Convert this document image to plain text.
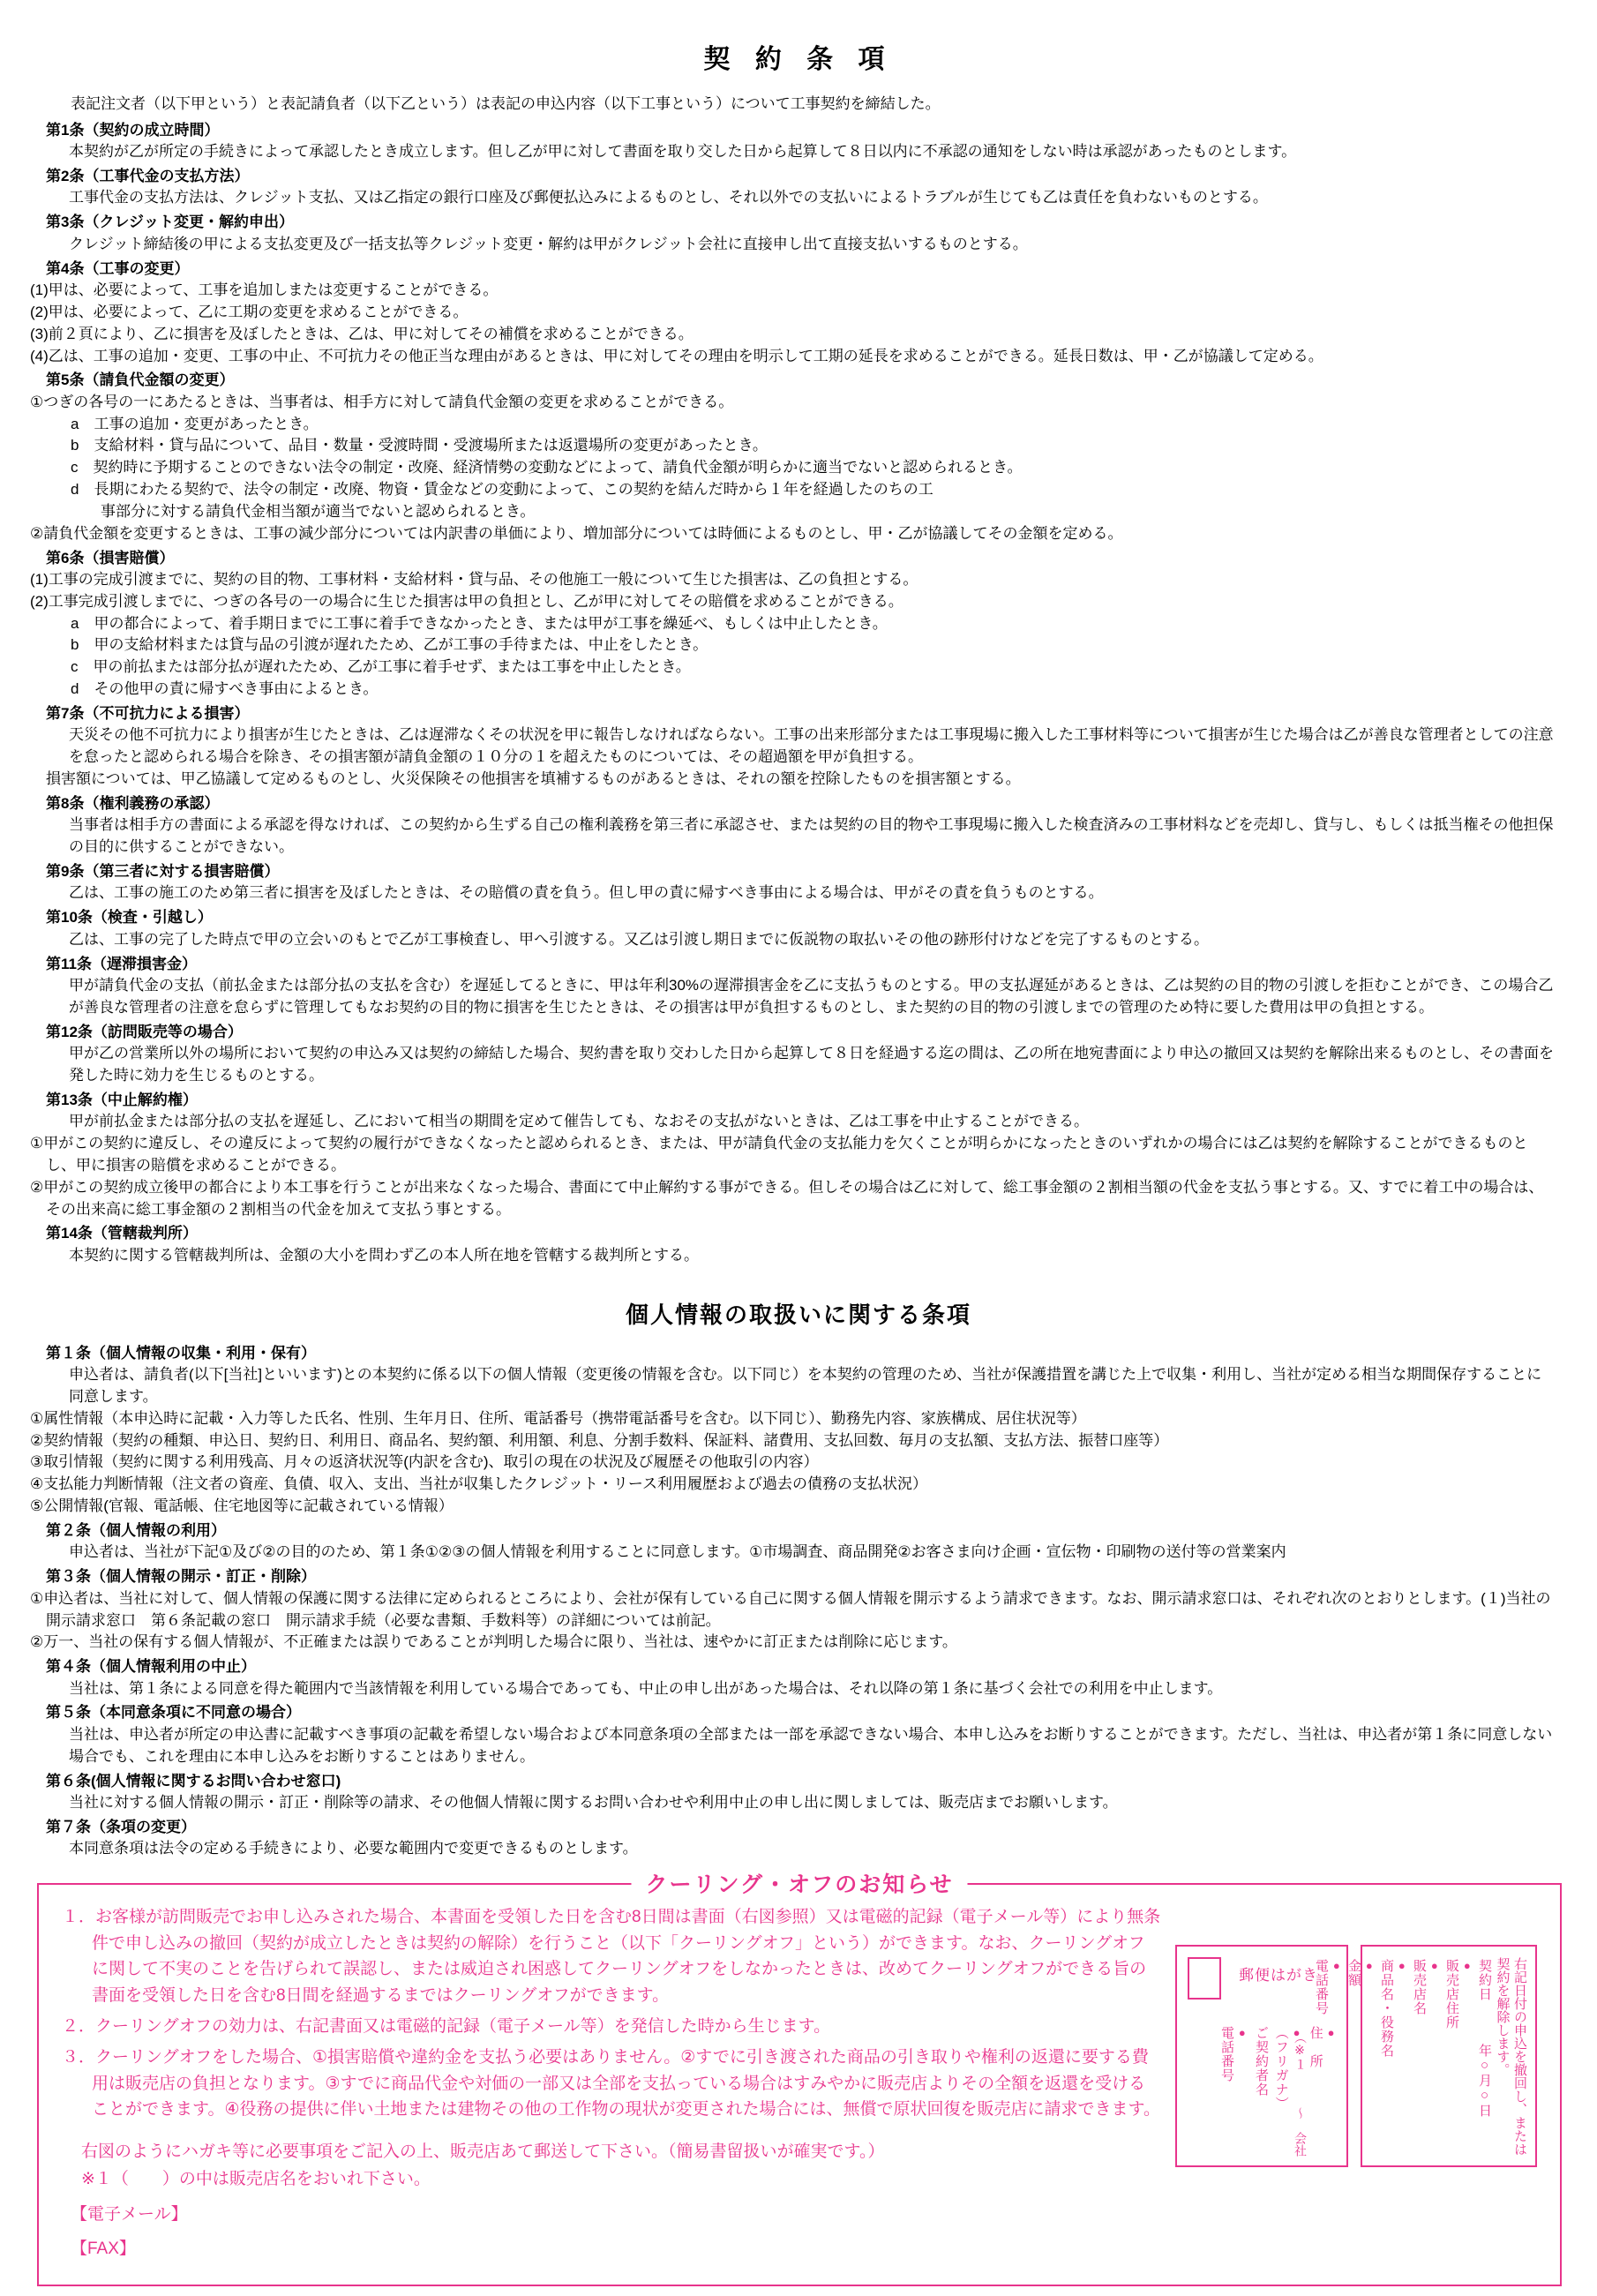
契 約 条 項

表記注文者（以下甲という）と表記請負者（以下乙という）は表記の申込内容（以下工事という）について工事契約を締結した。

第1条（契約の成立時間）
本契約が乙が所定の手続きによって承認したとき成立します。但し乙が甲に対して書面を取り交した日から起算して８日以内に不承認の通知をしない時は承認があったものとします。
第2条（工事代金の支払方法）
工事代金の支払方法は、クレジット支払、又は乙指定の銀行口座及び郵便払込みによるものとし、それ以外での支払いによるトラブルが生じても乙は責任を負わないものとする。
第3条（クレジット変更・解約申出）
クレジット締結後の甲による支払変更及び一括支払等クレジット変更・解約は甲がクレジット会社に直接申し出て直接支払いするものとする。
第4条（工事の変更）
(1)甲は、必要によって、工事を追加しまたは変更することができる。
(2)甲は、必要によって、乙に工期の変更を求めることができる。
(3)前２頁により、乙に損害を及ぼしたときは、乙は、甲に対してその補償を求めることができる。
(4)乙は、工事の追加・変更、工事の中止、不可抗力その他正当な理由があるときは、甲に対してその理由を明示して工期の延長を求めることができる。延長日数は、甲・乙が協議して定める。
第5条（請負代金額の変更）
①つぎの各号の一にあたるときは、当事者は、相手方に対して請負代金額の変更を求めることができる。
a　工事の追加・変更があったとき。
b　支給材料・貸与品について、品目・数量・受渡時間・受渡場所または返還場所の変更があったとき。
c　契約時に予期することのできない法令の制定・改廃、経済情勢の変動などによって、請負代金額が明らかに適当でないと認められるとき。
d　長期にわたる契約で、法令の制定・改廃、物資・賃金などの変動によって、この契約を結んだ時から１年を経過したのちの工
事部分に対する請負代金相当額が適当でないと認められるとき。
②請負代金額を変更するときは、工事の減少部分については内訳書の単価により、増加部分については時価によるものとし、甲・乙が協議してその金額を定める。
第6条（損害賠償）
(1)工事の完成引渡までに、契約の目的物、工事材料・支給材料・貸与品、その他施工一般について生じた損害は、乙の負担とする。
(2)工事完成引渡しまでに、つぎの各号の一の場合に生じた損害は甲の負担とし、乙が甲に対してその賠償を求めることができる。
a　甲の都合によって、着手期日までに工事に着手できなかったとき、または甲が工事を繰延べ、もしくは中止したとき。
b　甲の支給材料または貸与品の引渡が遅れたため、乙が工事の手待または、中止をしたとき。
c　甲の前払または部分払が遅れたため、乙が工事に着手せず、または工事を中止したとき。
d　その他甲の責に帰すべき事由によるとき。
第7条（不可抗力による損害）
天災その他不可抗力により損害が生じたときは、乙は遅滞なくその状況を甲に報告しなければならない。工事の出来形部分または工事現場に搬入した工事材料等について損害が生じた場合は乙が善良な管理者としての注意を怠ったと認められる場合を除き、その損害額が請負金額の１０分の１を超えたものについては、その超過額を甲が負担する。
損害額については、甲乙協議して定めるものとし、火災保険その他損害を填補するものがあるときは、それの額を控除したものを損害額とする。
第8条（権利義務の承認）
当事者は相手方の書面による承認を得なければ、この契約から生ずる自己の権利義務を第三者に承認させ、または契約の目的物や工事現場に搬入した検査済みの工事材料などを売却し、貸与し、もしくは抵当権その他担保の目的に供することができない。
第9条（第三者に対する損害賠償）
乙は、工事の施工のため第三者に損害を及ぼしたときは、その賠償の責を負う。但し甲の責に帰すべき事由による場合は、甲がその責を負うものとする。
第10条（検査・引越し）
乙は、工事の完了した時点で甲の立会いのもとで乙が工事検査し、甲へ引渡する。又乙は引渡し期日までに仮説物の取払いその他の跡形付けなどを完了するものとする。
第11条（遅滞損害金）
甲が請負代金の支払（前払金または部分払の支払を含む）を遅延してるときに、甲は年利30%の遅滞損害金を乙に支払うものとする。甲の支払遅延があるときは、乙は契約の目的物の引渡しを拒むことができ、この場合乙が善良な管理者の注意を怠らずに管理してもなお契約の目的物に損害を生じたときは、その損害は甲が負担するものとし、また契約の目的物の引渡しまでの管理のため特に要した費用は甲の負担とする。
第12条（訪問販売等の場合）
甲が乙の営業所以外の場所において契約の申込み又は契約の締結した場合、契約書を取り交わした日から起算して８日を経過する迄の間は、乙の所在地宛書面により申込の撤回又は契約を解除出来るものとし、その書面を発した時に効力を生じるものとする。
第13条（中止解約権）
甲が前払金または部分払の支払を遅延し、乙において相当の期間を定めて催告しても、なおその支払がないときは、乙は工事を中止することができる。
①甲がこの契約に違反し、その違反によって契約の履行ができなくなったと認められるとき、または、甲が請負代金の支払能力を欠くことが明らかになったときのいずれかの場合には乙は契約を解除することができるものとし、甲に損害の賠償を求めることができる。
②甲がこの契約成立後甲の都合により本工事を行うことが出来なくなった場合、書面にて中止解約する事ができる。但しその場合は乙に対して、総工事金額の２割相当額の代金を支払う事とする。又、すでに着工中の場合は、その出来高に総工事金額の２割相当の代金を加えて支払う事とする。
第14条（管轄裁判所）
本契約に関する管轄裁判所は、金額の大小を問わず乙の本人所在地を管轄する裁判所とする。
個人情報の取扱いに関する条項
第１条（個人情報の収集・利用・保有）
申込者は、請負者(以下[当社]といいます)との本契約に係る以下の個人情報（変更後の情報を含む。以下同じ）を本契約の管理のため、当社が保護措置を講じた上で収集・利用し、当社が定める相当な期間保存することに同意します。
①属性情報（本申込時に記載・入力等した氏名、性別、生年月日、住所、電話番号（携帯電話番号を含む。以下同じ）、勤務先内容、家族構成、居住状況等）
②契約情報（契約の種類、申込日、契約日、利用日、商品名、契約額、利用額、利息、分割手数料、保証料、諸費用、支払回数、毎月の支払額、支払方法、振替口座等）
③取引情報（契約に関する利用残高、月々の返済状況等(内訳を含む)、取引の現在の状況及び履歴その他取引の内容）
④支払能力判断情報（注文者の資産、負債、収入、支出、当社が収集したクレジット・リース利用履歴および過去の債務の支払状況）
⑤公開情報(官報、電話帳、住宅地図等に記載されている情報）
第２条（個人情報の利用）
申込者は、当社が下記①及び②の目的のため、第１条①②③の個人情報を利用することに同意します。①市場調査、商品開発②お客さま向け企画・宣伝物・印刷物の送付等の営業案内
第３条（個人情報の開示・訂正・削除）
①申込者は、当社に対して、個人情報の保護に関する法律に定められるところにより、会社が保有している自己に関する個人情報を開示するよう請求できます。なお、開示請求窓口は、それぞれ次のとおりとします。(１)当社の開示請求窓口　第６条記載の窓口　開示請求手続（必要な書類、手数料等）の詳細については前記。
②万一、当社の保有する個人情報が、不正確または誤りであることが判明した場合に限り、当社は、速やかに訂正または削除に応じます。
第４条（個人情報利用の中止）
当社は、第１条による同意を得た範囲内で当該情報を利用している場合であっても、中止の申し出があった場合は、それ以降の第１条に基づく会社での利用を中止します。
第５条（本同意条項に不同意の場合）
当社は、申込者が所定の申込書に記載すべき事項の記載を希望しない場合および本同意条項の全部または一部を承認できない場合、本申し込みをお断りすることができます。ただし、当社は、申込者が第１条に同意しない場合でも、これを理由に本申し込みをお断りすることはありません。
第６条(個人情報に関するお問い合わせ窓口)
当社に対する個人情報の開示・訂正・削除等の請求、その他個人情報に関するお問い合わせや利用中止の申し出に関しましては、販売店までお願いします。
第７条（条項の変更）
本同意条項は法令の定める手続きにより、必要な範囲内で変更できるものとします。
クーリング・オフのお知らせ

１．お客様が訪問販売でお申し込みされた場合、本書面を受領した日を含む8日間は書面（右図参照）又は電磁的記録（電子メール等）により無条件で申し込みの撤回（契約が成立したときは契約の解除）を行うこと（以下「クーリングオフ」という）ができます。なお、クーリングオフに関して不実のことを告げられて誤認し、または威迫され困惑してクーリングオフをしなかったときは、改めてクーリングオフができる旨の書面を受領した日を含む8日間を経過するまではクーリングオフができます。

２．クーリングオフの効力は、右記書面又は電磁的記録（電子メール等）を発信した時から生じます。

３．クーリングオフをした場合、①損害賠償や違約金を支払う必要はありません。②すでに引き渡された商品の引き取りや権利の返還に要する費用は販売店の負担となります。③すでに商品代金や対価の一部又は全部を支払っている場合はすみやかに販売店よりその全額を返還を受けることができます。④役務の提供に伴い土地または建物その他の工作物の現状が変更された場合には、無償で原状回復を販売店に請求できます。

右図のようにハガキ等に必要事項をご記入の上、販売店あて郵送して下さい。（簡易書留扱いが確実です。）
※１（　　）の中は販売店名をおいれ下さい。
【電子メール】
【FAX】
郵便はがき
（※１　　　～　会社 ● 住　所
● （フリガナ）
ご契約者名
● 電話番号	右記日付の申込を撤回し、または契約を解除します。
契約日　　　年○月○日
● 販売店住所
● 販売店名
● 商品名・役務名
● 金額
● 電話番号
